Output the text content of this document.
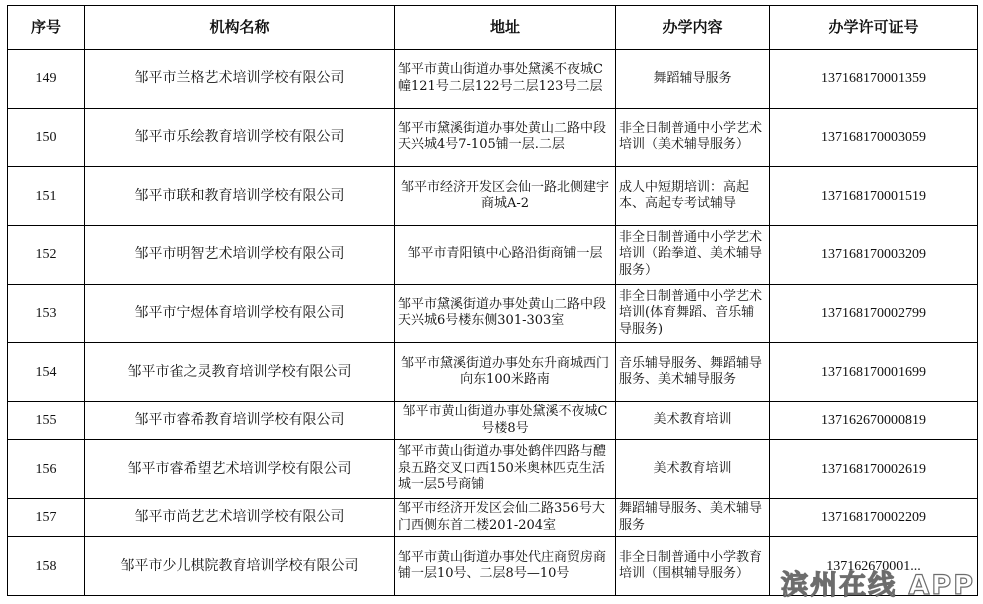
序号	机构名称	地址	办学内容	办学许可证号
149	邹平市兰格艺术培训学校有限公司	邹平市黄山街道办事处黛溪不夜城C幢121号二层122号二层123号二层	舞蹈辅导服务	137168170001359
150	邹平市乐绘教育培训学校有限公司	邹平市黛溪街道办事处黄山二路中段天兴城4号7-105铺一层.二层	非全日制普通中小学艺术培训（美术辅导服务）	137168170003059
151	邹平市联和教育培训学校有限公司	邹平市经济开发区会仙一路北侧建宇商城A-2	成人中短期培训：高起本、高起专考试辅导	137168170001519
152	邹平市明智艺术培训学校有限公司	邹平市青阳镇中心路沿街商铺一层	非全日制普通中小学艺术培训（跆拳道、美术辅导服务）	137168170003209
153	邹平市宁煜体育培训学校有限公司	邹平市黛溪街道办事处黄山二路中段天兴城6号楼东侧301-303室	非全日制普通中小学艺术培训(体育舞蹈、音乐辅导服务)	137168170002799
154	邹平市雀之灵教育培训学校有限公司	邹平市黛溪街道办事处东升商城西门向东100米路南	音乐辅导服务、舞蹈辅导服务、美术辅导服务	137168170001699
155	邹平市睿希教育培训学校有限公司	邹平市黄山街道办事处黛溪不夜城C号楼8号	美术教育培训	137162670000819
156	邹平市睿希望艺术培训学校有限公司	邹平市黄山街道办事处鹤伴四路与醴泉五路交叉口西150米奥林匹克生活城一层5号商铺	美术教育培训	137168170002619
157	邹平市尚艺艺术培训学校有限公司	邹平市经济开发区会仙二路356号大门西侧东首二楼201-204室	舞蹈辅导服务、美术辅导服务	137168170002209
158	邹平市少儿棋院教育培训学校有限公司	邹平市黄山街道办事处代庄商贸房商铺一层10号、二层8号—10号	非全日制普通中小学教育培训（围棋辅导服务）	137162670001...
滨州在线 APP
